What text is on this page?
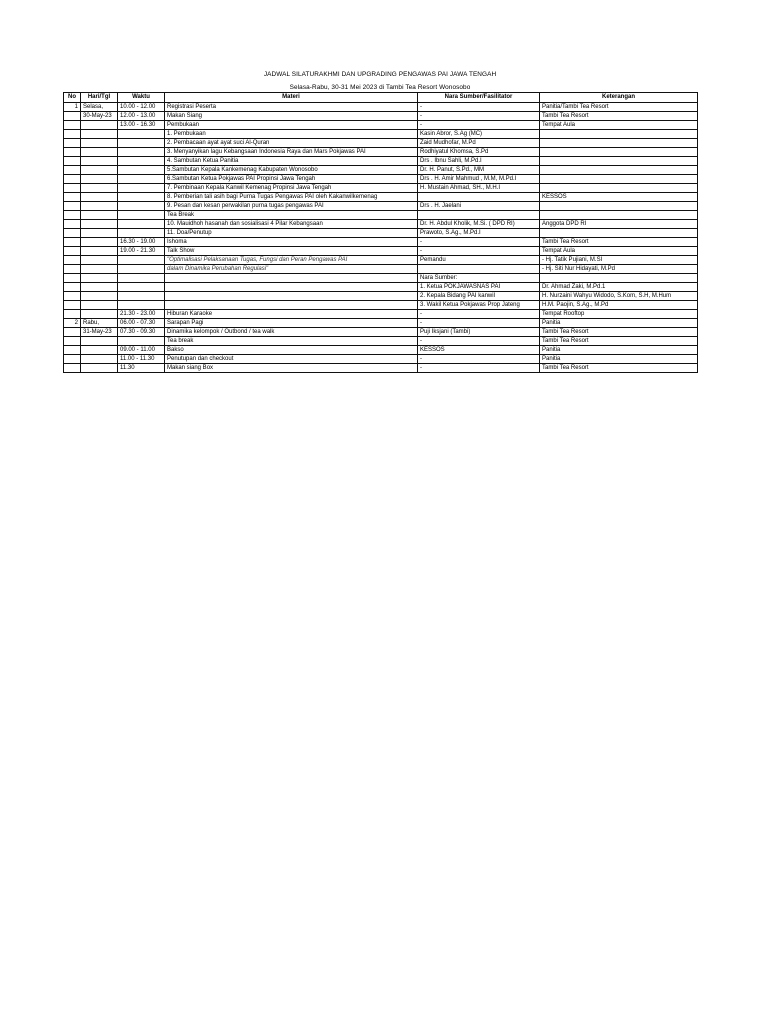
JADWAL SILATURAKHMI DAN UPGRADING PENGAWAS PAI JAWA TENGAH
Selasa-Rabu, 30-31 Mei 2023 di Tambi Tea Resort Wonosobo
No	Hari/Tgl	Waktu	Materi	Nara Sumber/Fasilitator	Keterangan
1	Selasa,	10.00 - 12.00	Registrasi Peserta	-	Panitia/Tambi Tea Resort
	30-May-23	12.00 - 13.00	Makan Siang	-	Tambi Tea Resort
		13.00 - 16.30	Pembukaan	-	Tempat Aula
			1. Pembukaan	Kasin Abror, S.Ag (MC)	
			2. Pembacaan ayat ayat suci Al-Quran	Zaid Mudhofar, M.Pd	
			3. Menyanyikan lagu Kebangsaan Indonesia Raya dan Mars Pokjawas PAI	Rodhiyatul Khomsa, S.Pd	
			4. Sambutan Ketua Panitia	Drs . Ibnu Sahli, M.Pd.I	
			5.Sambutan Kepala Kankemenag Kabupaten Wonosobo	Dr. H. Panut, S.Pd., MM	
			6.Sambutan Ketua Pokjawas PAI Propinsi Jawa Tengah	Drs . H. Amir Mahmud , M.M, M.Pd.I	
			7. Pembinaan Kepala Kanwil Kemenag Propinsi Jawa Tengah	H. Mustain Ahmad, SH., M.H.I	
			8. Pemberian tali asih bagi Purna Tugas Pengawas PAI oleh Kakanwilkemenag		KESSOS
			9. Pesan dan kesan perwakilan purna tugas pengawas PAI	Drs . H. Jaelani	
			Tea Break		
			10. Mauidhoh hasanah dan sosialisasi 4 Pilar Kebangsaan	Dr. H. Abdul Kholik, M.Si. ( DPD RI)	Anggota DPD RI
			11. Doa/Penutup	Prawoto, S.Ag., M.Pd.I	
		16.30 - 19.00	Ishoma	-	Tambi Tea Resort
		19.00 - 21.30	Talk Show	-	Tempat Aula
			"Optimalisasi Pelaksanaan Tugas, Fungsi dan Peran Pengawas PAI	Pemandu	- Hj. Tatik Pujiani, M.SI
			dalam Dinamika Perubahan Regulasi"		- Hj. Siti Nur Hidayati, M.Pd
				Nara Sumber:	
				1. Ketua POKJAWASNAS PAI	Dr. Ahmad Zaki, M.Pd.1
				2. Kepala Bidang PAI kanwil	H. Nurzaini Wahyu Widodo, S.Kom, S.H, M.Hum
				3. Wakil Ketua Pokjawas Prop Jateng	H.M. Paojin, S.Ag., M.Pd
		21.30 - 23.00	Hiburan Karaoke	-	Tempat Rooftop
2	Rabu,	06.00 - 07.30	Sarapan Pagi	-	Panitia
	31-May-23	07.30 - 09.30	Dinamika kelompok / Outbond / tea walk	Puji Iksjani (Tambi)	Tambi Tea Resort
			Tea break	-	Tambi Tea Resort
		09.00 - 11.00	Bakso	KESSOS	Panitia
		11.00 - 11.30	Penutupan dan checkout	-	Panitia
		11.30	Makan siang Box	-	Tambi Tea Resort
